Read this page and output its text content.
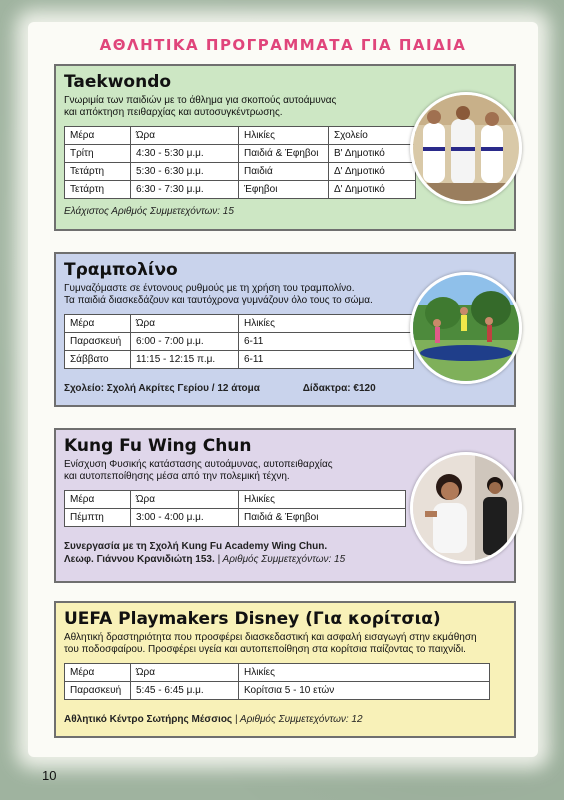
ΑΘΛΗΤΙΚΑ ΠΡΟΓΡΑΜΜΑΤΑ ΓΙΑ ΠΑΙΔΙΑ
Taekwondo
Γνωριμία των παιδιών με το άθλημα για σκοπούς αυτοάμυνας
και απόκτηση πειθαρχίας και αυτοσυγκέντρωσης.
Μέρα	Ώρα	Ηλικίες	Σχολείο
Τρίτη	4:30 - 5:30 μ.μ.	Παιδιά & Έφηβοι	Β' Δημοτικό
Τετάρτη	5:30 - 6:30 μ.μ.	Παιδιά	Δ' Δημοτικό
Τετάρτη	6:30 - 7:30 μ.μ.	Έφηβοι	Δ' Δημοτικό
Ελάχιστος Αριθμός Συμμετεχόντων: 15
Τραμπολίνο
Γυμναζόμαστε σε έντονους ρυθμούς με τη χρήση του τραμπολίνο.
Τα παιδιά διασκεδάζουν και ταυτόχρονα γυμνάζουν όλο τους το σώμα.
Μέρα	Ώρα	Ηλικίες
Παρασκευή	6:00 - 7:00 μ.μ.	6-11
Σάββατο	11:15 - 12:15 π.μ.	6-11
Σχολείο: Σχολή Ακρίτες Γερίου / 12 άτομα	Δίδακτρα: €120
Kung Fu Wing Chun
Ενίσχυση Φυσικής κατάστασης αυτοάμυνας, αυτοπειθαρχίας
και αυτοπεποίθησης μέσα από την πολεμική τέχνη.
Μέρα	Ώρα	Ηλικίες
Πέμπτη	3:00 - 4:00 μ.μ.	Παιδιά & Έφηβοι
Συνεργασία με τη Σχολή Kung Fu Academy Wing Chun.
Λεωφ. Γιάννου Κρανιδιώτη 153. | Αριθμός Συμμετεχόντων: 15
UEFA Playmakers Disney (Για κορίτσια)
Αθλητική δραστηριότητα που προσφέρει διασκεδαστική και ασφαλή εισαγωγή στην εκμάθηση
του ποδοσφαίρου. Προσφέρει υγεία και αυτοπεποίθηση στα κορίτσια παίζοντας το παιχνίδι.
Μέρα	Ώρα	Ηλικίες
Παρασκευή	5:45 - 6:45 μ.μ.	Κορίτσια 5 - 10 ετών
Αθλητικό Κέντρο Σωτήρης Μέσσιος | Αριθμός Συμμετεχόντων: 12
10
